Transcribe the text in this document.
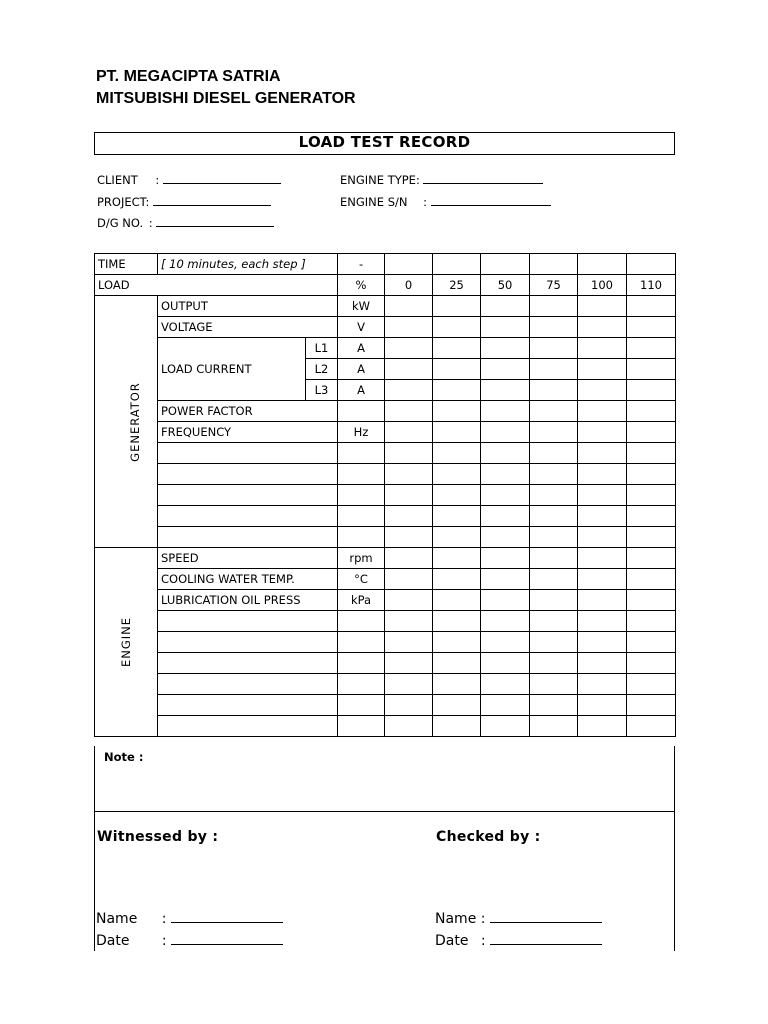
PT. MEGACIPTA SATRIA
MITSUBISHI DIESEL GENERATOR
LOAD TEST RECORD
CLIENT :
PROJECT:
D/G NO. :
ENGINE TYPE:
ENGINE S/N :
TIME	[ 10 minutes, each step ]		-						
LOAD			%	0	25	50	75	100	110
GENERATOR	OUTPUT		kW						
	VOLTAGE		V						
	LOAD CURRENT	L1	A						
		L2	A						
		L3	A						
	POWER FACTOR								
	FREQUENCY		Hz						

ENGINE	SPEED		rpm						
	COOLING WATER TEMP.		°C						
	LUBRICATION OIL PRESS		kPa						

Note :
Witnessed by :	Checked by :
Name :
Date :
Name :
Date :
